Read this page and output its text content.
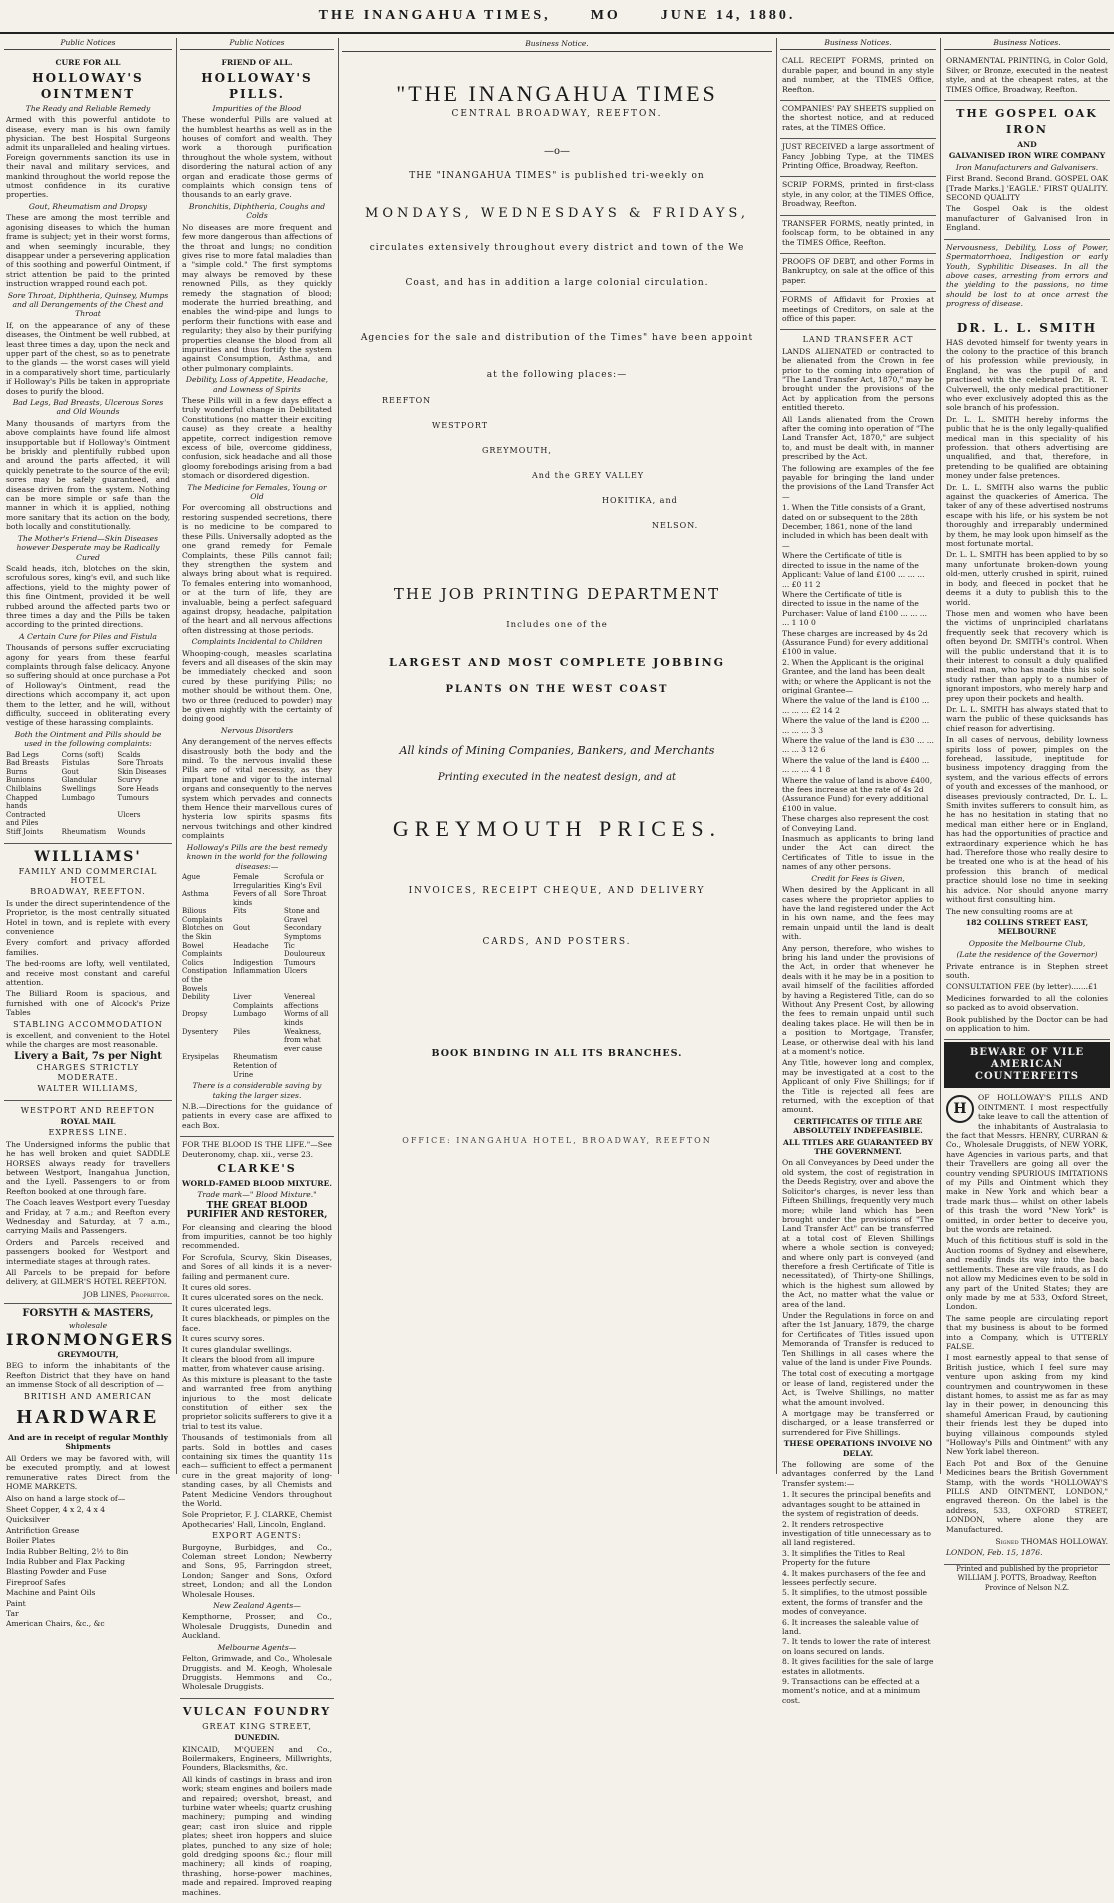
THE INANGAHUA TIMES,	MO	JUNE 14, 1880.
Public Notices
CURE FOR ALL
HOLLOWAY'S OINTMENT
The Ready and Reliable Remedy

Armed with this powerful antidote to disease, every man is his own family physician. The best Hospital Surgeons admit its unparalleled and healing virtues. Foreign governments sanction its use in their naval and military services, and mankind throughout the world repose the utmost confidence in its curative properties.

Gout, Rheumatism and Dropsy

These are among the most terrible and agonising diseases to which the human frame is subject; yet in their worst forms, and when seemingly incurable, they disappear under a persevering application of this soothing and powerful Ointment, if strict attention be paid to the printed instruction wrapped round each pot.

Sore Throat, Diphtheria, Quinsey, Mumps and all Derangements of the Chest and Throat

If, on the appearance of any of these diseases, the Ointment be well rubbed, at least three times a day, upon the neck and upper part of the chest, so as to penetrate to the glands — the worst cases will yield in a comparatively short time, particularly if Holloway's Pills be taken in appropriate doses to purify the blood.

Bad Legs, Bad Breasts, Ulcerous Sores and Old Wounds

Many thousands of martyrs from the above complaints have found life almost insupportable but if Holloway's Ointment be briskly and plentifully rubbed upon and around the parts affected, it will quickly penetrate to the source of the evil; sores may be safely guaranteed, and disease driven from the system. Nothing can be more simple or safe than the manner in which it is applied, nothing more sanitary that its action on the body, both locally and constitutionally.

The Mother's Friend—Skin Diseases however Desperate may be Radically Cured

Scald heads, itch, blotches on the skin, scrofulous sores, king's evil, and such like affections, yield to the mighty power of this fine Ointment, provided it be well rubbed around the affected parts two or three times a day and the Pills be taken according to the printed directions.

A Certain Cure for Piles and Fistula

Thousands of persons suffer excruciating agony for years from these fearful complaints through false delicacy. Anyone so suffering should at once purchase a Pot of Holloway's Ointment, read the directions which accompany it, act upon them to the letter, and he will, without difficulty, succeed in obliterating every vestige of these harassing complaints.

Both the Ointment and Pills should be used in the following complaints:
Bad Legs	Corns (soft)	Scalds
Bad Breasts	Fistulas	Sore Throats
Burns	Gout	Skin Diseases
Bunions	Glandular	Scurvy
Chilblains	Swellings	Sore Heads
Chapped hands
Lumbago	Tumours
Contracted and Piles
Ulcers
Stiff Joints	Rheumatism	Wounds
WILLIAMS'
FAMILY AND COMMERCIAL HOTEL
BROADWAY, REEFTON.

Is under the direct superintendence of the Proprietor, is the most centrally situated Hotel in town, and is replete with every convenience

Every comfort and privacy afforded families.

The bed-rooms are lofty, well ventilated, and receive most constant and careful attention.

The Billiard Room is spacious, and furnished with one of Alcock's Prize Tables

STABLING ACCOMMODATION

is excellent, and convenient to the Hotel while the charges are most reasonable.

Livery a Bait, 7s per Night
CHARGES STRICTLY MODERATE.
WALTER WILLIAMS,
WESTPORT AND REEFTON
ROYAL MAIL
EXPRESS LINE.

The Undersigned informs the public that he has well broken and quiet SADDLE HORSES always ready for travellers between Westport, Inangahua Junction, and the Lyell. Passengers to or from Reefton booked at one through fare.

The Coach leaves Westport every Tuesday and Friday, at 7 a.m.; and Reefton every Wednesday and Saturday, at 7 a.m., carrying Mails and Passengers.

Orders and Parcels received and passengers booked for Westport and intermediate stages at through rates.

All Parcels to be prepaid for before delivery, at GILMER'S HOTEL REEFTON.

JOB LINES, Proprietor.
FORSYTH & MASTERS,
wholesale
IRONMONGERS
GREYMOUTH,

BEG to inform the inhabitants of the Reefton District that they have on hand an immense Stock of all description of —

BRITISH AND AMERICAN
HARDWARE
And are in receipt of regular Monthly Shipments

All Orders we may be favored with, will be executed promptly, and at lowest remunerative rates Direct from the HOME MARKETS.

Also on hand a large stock of—

Sheet Copper, 4 x 2, 4 x 4
Quicksilver
Antrifiction Grease
Boiler Plates
India Rubber Belting, 2½ to 8in
India Rubber and Flax Packing
Blasting Powder and Fuse
Fireproof Safes
Machine and Paint Oils
Paint
Tar
American Chairs, &c., &c
Public Notices
FRIEND OF ALL.
HOLLOWAY'S PILLS.
Impurities of the Blood

These wonderful Pills are valued at the humblest hearths as well as in the houses of comfort and wealth. They work a thorough purification throughout the whole system, without disordering the natural action of any organ and eradicate those germs of complaints which consign tens of thousands to an early grave.

Bronchitis, Diphtheria, Coughs and Colds

No diseases are more frequent and few more dangerous than affections of the throat and lungs; no condition gives rise to more fatal maladies than a "simple cold." The first symptoms may always be removed by these renowned Pills, as they quickly remedy the stagnation of blood; moderate the hurried breathing, and enables the wind-pipe and lungs to perform their functions with ease and regularity; they also by their purifying properties cleanse the blood from all impurities and thus fortify the system against Consumption, Asthma, and other pulmonary complaints.

Debility, Loss of Appetite, Headache, and Lowness of Spirits

These Pills will in a few days effect a truly wonderful change in Debilitated Constitutions (no matter their exciting cause) as they create a healthy appetite, correct indigestion remove excess of bile, overcome giddiness, confusion, sick headache and all those gloomy forebodings arising from a bad stomach or disordered digestion.

The Medicine for Females, Young or Old

For overcoming all obstructions and restoring suspended secretions, there is no medicine to be compared to these Pills. Universally adopted as the one grand remedy for Female Complaints, these Pills cannot fail; they strengthen the system and always bring about what is required. To females entering into womanhood, or at the turn of life, they are invaluable, being a perfect safeguard against dropsy, headache, palpitation of the heart and all nervous affections often distressing at those periods.

Complaints Incidental to Children

Whooping-cough, measles scarlatina fevers and all diseases of the skin may be immediately checked and soon cured by these purifying Pills; no mother should be without them. One, two or three (reduced to powder) may be given nightly with the certainty of doing good

Nervous Disorders

Any derangement of the nerves effects disastrously both the body and the mind. To the nervous invalid these Pills are of vital necessity, as they impart tone and vigor to the internal organs and consequently to the nerves system which pervades and connects them Hence their marvellous cures of hysteria low spirits spasms fits nervous twitchings and other kindred complaints

Holloway's Pills are the best remedy known in the world for the following diseases:—
Ague	Female Irregularities
Scrofula or King's Evil
Asthma	Fevers of all kinds
Sore Throat
Bilious Complaints
Fits	Stone and Gravel
Blotches on the Skin
Gout	Secondary Symptoms
Bowel Complaints
Headache	Tic Douloureux
Colics	Indigestion	Tumours
Constipation of the Bowels
Inflammation Ulcers
Debility	Liver Complaints
Venereal affections
Dropsy	Lumbago	Worms of all kinds
Dysentery	Piles	Weakness, from what ever cause
Erysipelas	Rheumatism
Retention of Urine
There is a considerable saving by taking the larger sizes.

N.B.—Directions for the guidance of patients in every case are affixed to each Box.

FOR THE BLOOD IS THE LIFE."—See Deuteronomy, chap. xii., verse 23.

CLARKE'S
WORLD-FAMED BLOOD MIXTURE.
Trade mark—" Blood Mixture."
THE GREAT BLOOD PURIFIER AND RESTORER,

For cleansing and clearing the blood from impurities, cannot be too highly recommended.

For Scrofula, Scurvy, Skin Diseases, and Sores of all kinds it is a never-failing and permanent cure.

It cures old sores.
It cures ulcerated sores on the neck.
It cures ulcerated legs.
It cures blackheads, or pimples on the face.
It cures scurvy sores.
It cures glandular swellings.
It clears the blood from all impure matter, from whatever cause arising.

As this mixture is pleasant to the taste and warranted free from anything injurious to the most delicate constitution of either sex the proprietor solicits sufferers to give it a trial to test its value.

Thousands of testimonials from all parts. Sold in bottles and cases containing six times the quantity 11s each— sufficient to effect a permanent cure in the great majority of long-standing cases, by all Chemists and Patent Medicine Vendors throughout the World.

Sole Proprietor, F. J. CLARKE, Chemist Apothecaries' Hall, Lincoln, England.

EXPORT AGENTS:

Burgoyne, Burbidges, and Co., Coleman street London; Newberry and Sons, 95, Farringdon street, London; Sanger and Sons, Oxford street, London; and all the London Wholesale Houses.

New Zealand Agents—

Kempthorne, Prosser, and Co., Wholesale Druggists, Dunedin and Auckland.

Melbourne Agents—

Felton, Grimwade, and Co., Wholesale Druggists. and M. Keogh, Wholesale Druggists. Hemmons and Co., Wholesale Druggists.

VULCAN FOUNDRY
GREAT KING STREET,
DUNEDIN.

KINCAID, M'QUEEN and Co., Boilermakers, Engineers, Millwrights, Founders, Blacksmiths, &c.

All kinds of castings in brass and iron work; steam engines and boilers made and repaired; overshot, breast, and turbine water wheels; quartz crushing machinery; pumping and winding gear; cast iron sluice and ripple plates; sheet iron hoppers and sluice plates, punched to any size of hole; gold dredging spoons &c.; flour mill machinery; all kinds of roaping, thrashing, horse-power machines, made and repaired. Improved reaping machines.

Business Notice.
"THE INANGAHUA TIMES
CENTRAL BROADWAY, REEFTON.
—o—
THE "INANGAHUA TIMES" is published tri-weekly on
MONDAYS, WEDNESDAYS & FRIDAYS,
circulates extensively throughout every district and town of the We
Coast, and has in addition a large colonial circulation.
Agencies for the sale and distribution of the Times" have been appoint
at the following places:—
REEFTON
WESTPORT
GREYMOUTH,
And the GREY VALLEY
HOKITIKA, and
NELSON.
THE JOB PRINTING DEPARTMENT
Includes one of the
LARGEST AND MOST COMPLETE JOBBING
PLANTS ON THE WEST COAST
All kinds of Mining Companies, Bankers, and Merchants
Printing executed in the neatest design, and at
GREYMOUTH PRICES.
INVOICES, RECEIPT CHEQUE, AND DELIVERY
CARDS, AND POSTERS.
BOOK BINDING IN ALL ITS BRANCHES.
OFFICE: INANGAHUA HOTEL, BROADWAY, REEFTON
Business Notices.

CALL RECEIPT FORMS, printed on durable paper, and bound in any style and number, at the TIMES Office, Reefton.

COMPANIES' PAY SHEETS supplied on the shortest notice, and at reduced rates, at the TIMES Office.

JUST RECEIVED a large assortment of Fancy Jobbing Type, at the TIMES Printing Office, Broadway, Reefton.

SCRIP FORMS, printed in first-class style, in any color, at the TIMES Office, Broadway, Reefton.

TRANSFER FORMS, neatly printed, in foolscap form, to be obtained in any the TIMES Office, Reefton.

PROOFS OF DEBT, and other Forms in Bankruptcy, on sale at the office of this paper.

FORMS of Affidavit for Proxies at meetings of Creditors, on sale at the office of this paper.

LAND TRANSFER ACT

LANDS ALIENATED or contracted to be alienated from the Crown in fee prior to the coming into operation of "The Land Transfer Act, 1870," may be brought under the provisions of the Act by application from the persons entitled thereto.

All Lands alienated from the Crown after the coming into operation of "The Land Transfer Act, 1870," are subject to, and must be dealt with, in manner prescribed by the Act.

The following are examples of the fee payable for bringing the land under the provisions of the Land Transfer Act—

1. When the Title consists of a Grant, dated on or subsequent to the 28th December, 1861, none of the land included in which has been dealt with—
Where the Certificate of title is directed to issue in the name of the Applicant: Value of land £100 ... ... ... ... £0 11 2
Where the Certificate of title is directed to issue in the name of the Purchaser: Value of land £100 ... ... ... ... 1 10 0
These charges are increased by 4s 2d (Assurance Fund) for every additional £100 in value.
2. When the Applicant is the original Grantee, and the land has been dealt with; or where the Applicant is not the original Grantee—
Where the value of the land is £100 ... ... ... ... £2 14 2
Where the value of the land is £200 ... ... ... ... 3 3
Where the value of the land is £30 ... ... ... ... 3 12 6
Where the value of the land is £400 ... ... ... ... 4 1 8
Where the value of land is above £400, the fees increase at the rate of 4s 2d (Assurance Fund) for every additional £100 in value.
These charges also represent the cost of Conveying Land.

Inasmuch as applicants to bring land under the Act can direct the Certificates of Title to issue in the names of any other persons.

Credit for Fees is Given,

When desired by the Applicant in all cases where the proprietor applies to have the land registered under the Act in his own name, and the fees may remain unpaid until the land is dealt with.

Any person, therefore, who wishes to bring his land under the provisions of the Act, in order that whenever he deals with it he may be in a position to avail himself of the facilities afforded by having a Registered Title, can do so Without Any Present Cost, by allowing the fees to remain unpaid until such dealing takes place. He will then be in a position to Mortgage, Transfer, Lease, or otherwise deal with his land at a moment's notice.

Any Title, however long and complex, may be investigated at a cost to the Applicant of only Five Shillings; for if the Title is rejected all fees are returned, with the exception of that amount.

CERTIFICATES OF TITLE ARE ABSOLUTELY INDEFEASIBLE.
ALL TITLES ARE GUARANTEED BY THE GOVERNMENT.

On all Conveyances by Deed under the old system, the cost of registration in the Deeds Registry, over and above the Solicitor's charges, is never less than Fifteen Shillings, frequently very much more; while land which has been brought under the provisions of "The Land Transfer Act" can be transferred at a total cost of Eleven Shillings where a whole section is conveyed; and where only part is conveyed (and therefore a fresh Certificate of Title is necessitated), of Thirty-one Shillings, which is the highest sum allowed by the Act, no matter what the value or area of the land.

Under the Regulations in force on and after the 1st January, 1879, the charge for Certificates of Titles issued upon Memoranda of Transfer is reduced to Ten Shillings in all cases where the value of the land is under Five Pounds.

The total cost of executing a mortgage or lease of land, registered under the Act, is Twelve Shillings, no matter what the amount involved.

A mortgage may be transferred or discharged, or a lease transferred or surrendered for Five Shillings.

THESE OPERATIONS INVOLVE NO DELAY.

The following are some of the advantages conferred by the Land Transfer system:—

1. It secures the principal benefits and advantages sought to be attained in the system of registration of deeds.
2. It renders retrospective investigation of title unnecessary as to all land registered.
3. It simplifies the Titles to Real Property for the future
4. It makes purchasers of the fee and lessees perfectly secure.
5. It simplifies, to the utmost possible extent, the forms of transfer and the modes of conveyance.
6. It increases the saleable value of land.
7. It tends to lower the rate of interest on loans secured on lands.
8. It gives facilities for the sale of large estates in allotments.
9. Transactions can be effected at a moment's notice, and at a minimum cost.
Business Notices.

ORNAMENTAL PRINTING, in Color Gold, Silver, or Bronze, executed in the neatest style, and at the cheapest rates, at the TIMES Office, Broadway, Reefton.

THE GOSPEL OAK IRON
AND
GALVANISED IRON WIRE COMPANY
Iron Manufacturers and Galvanisers.

First Brand. Second Brand. GOSPEL OAK [Trade Marks.] 'EAGLE.' FIRST QUALITY. SECOND QUALITY

The Gospel Oak is the oldest manufacturer of Galvanised Iron in England.

Nervousness, Debility, Loss of Power, Spermatorrhoea, Indigestion or early Youth, Syphilitic Diseases. In all the above cases, arresting from errors and the yielding to the passions, no time should be lost to at once arrest the progress of disease.

DR. L. L. SMITH

HAS devoted himself for twenty years in the colony to the practice of this branch of his profession while previously, in England, he was the pupil of and practised with the celebrated Dr. R. T. Culverwell, the only medical practitioner who ever exclusively adopted this as the sole branch of his profession.

Dr. L. L. SMITH hereby informs the public that he is the only legally-qualified medical man in this speciality of his profession. that others advertising are unqualified, and that, therefore, in pretending to be qualified are obtaining money under false pretences.

Dr. L. L. SMITH also warns the public against the quackeries of America. The taker of any of these advertised nostrums escape with his life, or his system be not thoroughly and irreparably undermined by them, he may look upon himself as the most fortunate mortal.

Dr. L. L. SMITH has been applied to by so many unfortunate broken-down young old-men, utterly crushed in spirit, ruined in body, and fleeced in pocket that he deems it a duty to publish this to the world.

Those men and women who have been the victims of unprincipled charlatans frequently seek that recovery which is often beyond Dr. SMITH's control. When will the public understand that it is to their interest to consult a duly qualified medical man, who has made this his sole study rather than apply to a number of ignorant impostors, who merely harp and prey upon their pockets and health.

Dr. L. L. SMITH has always stated that to warn the public of these quicksands has chief reason for advertising.

In all cases of nervous, debility lowness spirits loss of power, pimples on the forehead, lassitude, ineptitude for business impotency dragging from the system, and the various effects of errors of youth and excesses of the manhood, or diseases previously contracted, Dr. L. L. Smith invites sufferers to consult him, as he has no hesitation in stating that no medical man either here or in England, has had the opportunities of practice and extraordinary experience which he has had. Therefore those who really desire to be treated one who is at the head of his profession this branch of medical practice should lose no time in seeking his advice. Nor should anyone marry without first consulting him.

The new consulting rooms are at

182 COLLINS STREET EAST, MELBOURNE
Opposite the Melbourne Club,
(Late the residence of the Governor)

Private entrance is in Stephen street south.

CONSULTATION FEE (by letter).......£1

Medicines forwarded to all the colonies so packed as to avoid observation.

Book published by the Doctor can be had on application to him.

BEWARE OF VILE AMERICAN COUNTERFEITS
H

OF HOLLOWAY'S PILLS AND OINTMENT. I most respectfully take leave to call the attention of the inhabitants of Australasia to the fact that Messrs. HENRY, CURRAN & Co., Wholesale Druggists, of NEW YORK, have Agencies in various parts, and that their Travellers are going all over the country vending SPURIOUS IMITATIONS of my Pills and Ointment which they make in New York and which bear a trade mark thus— whilst on other labels of this trash the word "New York" is omitted, in order better to deceive you, but the words are retained.

Much of this fictitious stuff is sold in the Auction rooms of Sydney and elsewhere, and readily finds its way into the back settlements. These are vile frauds, as I do not allow my Medicines even to be sold in any part of the United States; they are only made by me at 533, Oxford Street, London.

The same people are circulating report that my business is about to be formed into a Company, which is UTTERLY FALSE.

I most earnestly appeal to that sense of British justice, which I feel sure may venture upon asking from my kind countrymen and countrywomen in these distant homes, to assist me as far as may lay in their power, in denouncing this shameful American Fraud, by cautioning their friends lest they be duped into buying villainous compounds styled "Holloway's Pills and Ointment" with any New York label thereon.

Each Pot and Box of the Genuine Medicines bears the British Government Stamp, with the words "HOLLOWAY'S PILLS AND OINTMENT, LONDON," engraved thereon. On the label is the address, 533, OXFORD STREET, LONDON, where alone they are Manufactured.

Signed THOMAS HOLLOWAY.
LONDON, Feb. 15, 1876.

Printed and published by the proprietor WILLIAM J. POTTS, Broadway, Reefton Province of Nelson N.Z.
